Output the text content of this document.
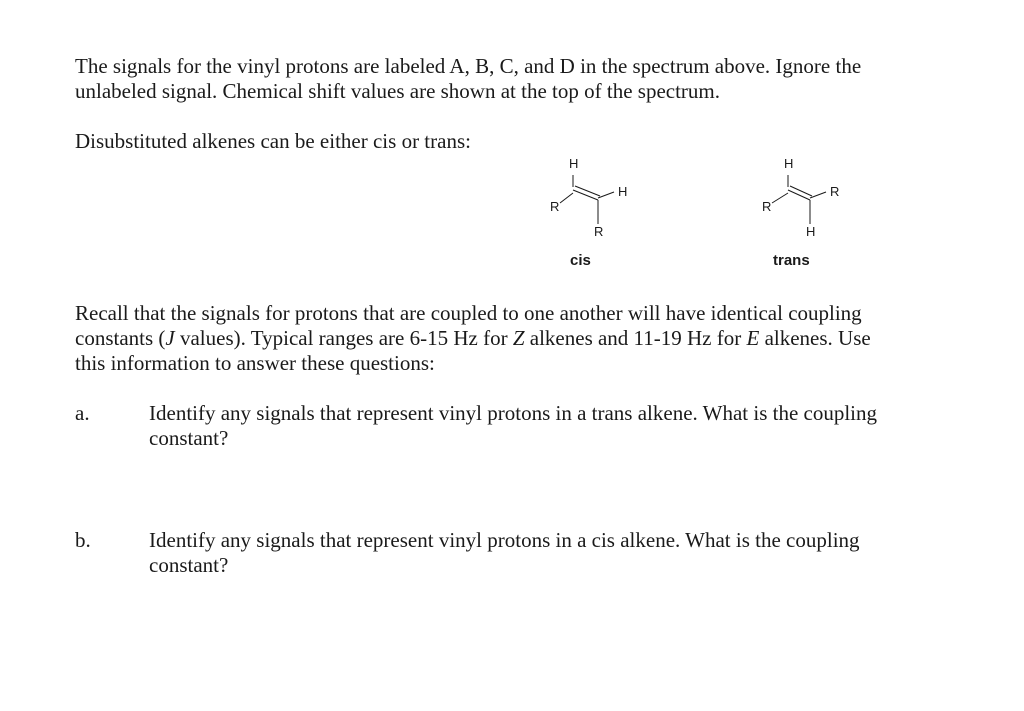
The signals for the vinyl protons are labeled A, B, C, and D in the spectrum above. Ignore the
unlabeled signal. Chemical shift values are shown at the top of the spectrum.
Disubstituted alkenes can be either cis or trans:
H
R
H
R
cis
H
R
R
H
trans
Recall that the signals for protons that are coupled to one another will have identical coupling
constants (J values). Typical ranges are 6-15 Hz for Z alkenes and 11-19 Hz for E alkenes. Use
this information to answer these questions:
a.	Identify any signals that represent vinyl protons in a trans alkene. What is the coupling
constant?
b.	Identify any signals that represent vinyl protons in a cis alkene. What is the coupling
constant?
